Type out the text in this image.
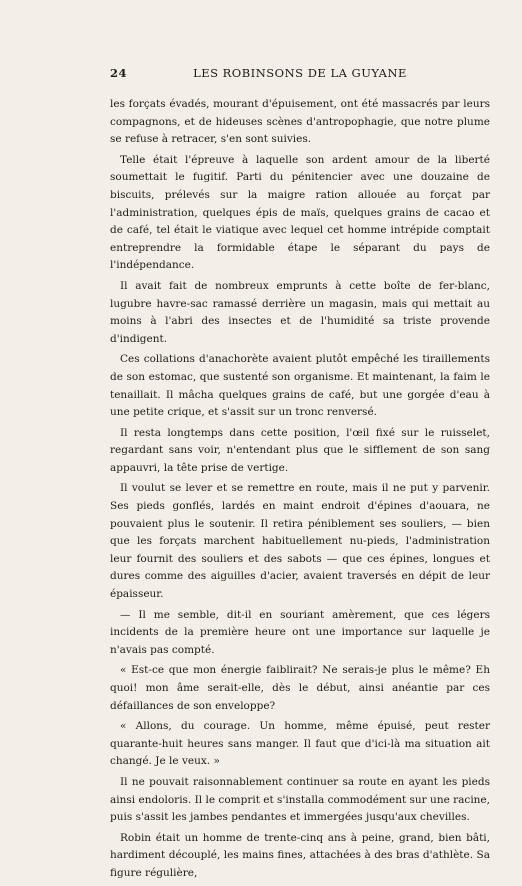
24	LES ROBINSONS DE LA GUYANE

les forçats évadés, mourant d'épuisement, ont été massacrés par leurs compagnons, et de hideuses scènes d'antropophagie, que notre plume se refuse à retracer, s'en sont suivies.

Telle était l'épreuve à laquelle son ardent amour de la liberté soumettait le fugitif. Parti du pénitencier avec une douzaine de biscuits, prélevés sur la maigre ration allouée au forçat par l'administration, quelques épis de maïs, quelques grains de cacao et de café, tel était le viatique avec lequel cet homme intrépide comptait entreprendre la formidable étape le séparant du pays de l'indépendance.

Il avait fait de nombreux emprunts à cette boîte de fer-blanc, lugubre havre-sac ramassé derrière un magasin, mais qui mettait au moins à l'abri des insectes et de l'humidité sa triste provende d'indigent.

Ces collations d'anachorète avaient plutôt empêché les tiraillements de son estomac, que sustenté son organisme. Et maintenant, la faim le tenaillait. Il mâcha quelques grains de café, but une gorgée d'eau à une petite crique, et s'assit sur un tronc renversé.

Il resta longtemps dans cette position, l'œil fixé sur le ruisselet, regardant sans voir, n'entendant plus que le sifflement de son sang appauvri, la tête prise de vertige.

Il voulut se lever et se remettre en route, mais il ne put y parvenir. Ses pieds gonflés, lardés en maint endroit d'épines d'aouara, ne pouvaient plus le soutenir. Il retira péniblement ses souliers, — bien que les forçats marchent habituellement nu-pieds, l'administration leur fournit des souliers et des sabots — que ces épines, longues et dures comme des aiguilles d'acier, avaient traversés en dépit de leur épaisseur.

— Il me semble, dit-il en souriant amèrement, que ces légers incidents de la première heure ont une importance sur laquelle je n'avais pas compté.

« Est-ce que mon énergie faiblirait? Ne serais-je plus le même? Eh quoi! mon âme serait-elle, dès le début, ainsi anéantie par ces défaillances de son enveloppe?

« Allons, du courage. Un homme, même épuisé, peut rester quarante-huit heures sans manger. Il faut que d'ici-là ma situation ait changé. Je le veux. »

Il ne pouvait raisonnablement continuer sa route en ayant les pieds ainsi endoloris. Il le comprit et s'installa commodément sur une racine, puis s'assit les jambes pendantes et immergées jusqu'aux chevilles.

Robin était un homme de trente-cinq ans à peine, grand, bien bâti, hardiment découplé, les mains fines, attachées à des bras d'athlète. Sa figure régulière,
